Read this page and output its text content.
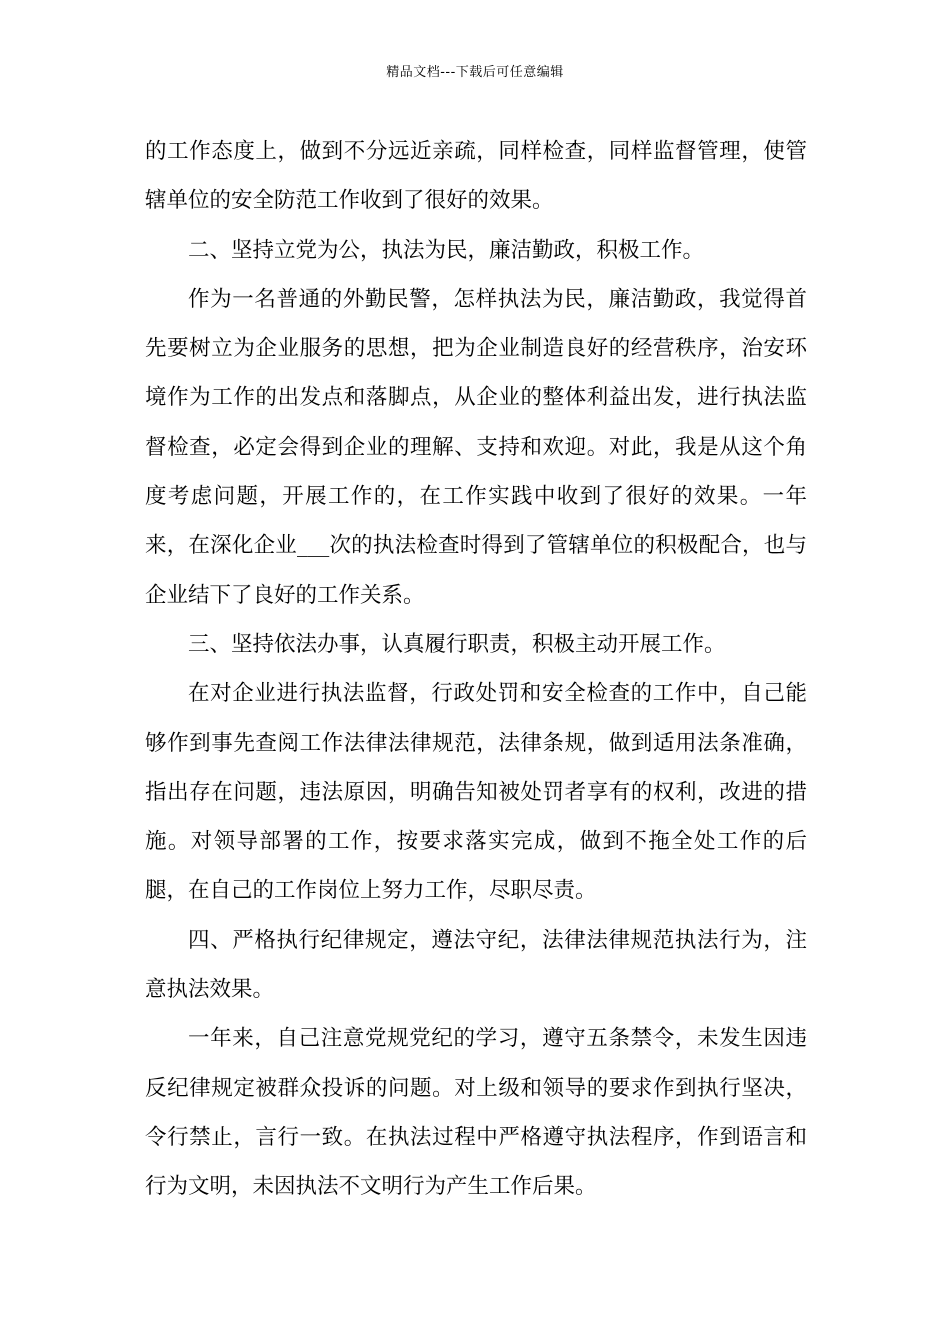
精品文档---下载后可任意编辑

的工作态度上，做到不分远近亲疏，同样检查，同样监督管理，使管辖单位的安全防范工作收到了很好的效果。

二、坚持立党为公，执法为民，廉洁勤政，积极工作。

作为一名普通的外勤民警，怎样执法为民，廉洁勤政，我觉得首先要树立为企业服务的思想，把为企业制造良好的经营秩序，治安环境作为工作的出发点和落脚点，从企业的整体利益出发，进行执法监督检查，必定会得到企业的理解、支持和欢迎。对此，我是从这个角度考虑问题，开展工作的，在工作实践中收到了很好的效果。一年来，在深化企业___次的执法检查时得到了管辖单位的积极配合，也与企业结下了良好的工作关系。

三、坚持依法办事，认真履行职责，积极主动开展工作。

在对企业进行执法监督，行政处罚和安全检查的工作中，自己能够作到事先查阅工作法律法律规范，法律条规，做到适用法条准确，指出存在问题，违法原因，明确告知被处罚者享有的权利，改进的措施。对领导部署的工作，按要求落实完成，做到不拖全处工作的后腿，在自己的工作岗位上努力工作，尽职尽责。

四、严格执行纪律规定，遵法守纪，法律法律规范执法行为，注意执法效果。

一年来，自己注意党规党纪的学习，遵守五条禁令，未发生因违反纪律规定被群众投诉的问题。对上级和领导的要求作到执行坚决，令行禁止，言行一致。在执法过程中严格遵守执法程序，作到语言和行为文明，未因执法不文明行为产生工作后果。
